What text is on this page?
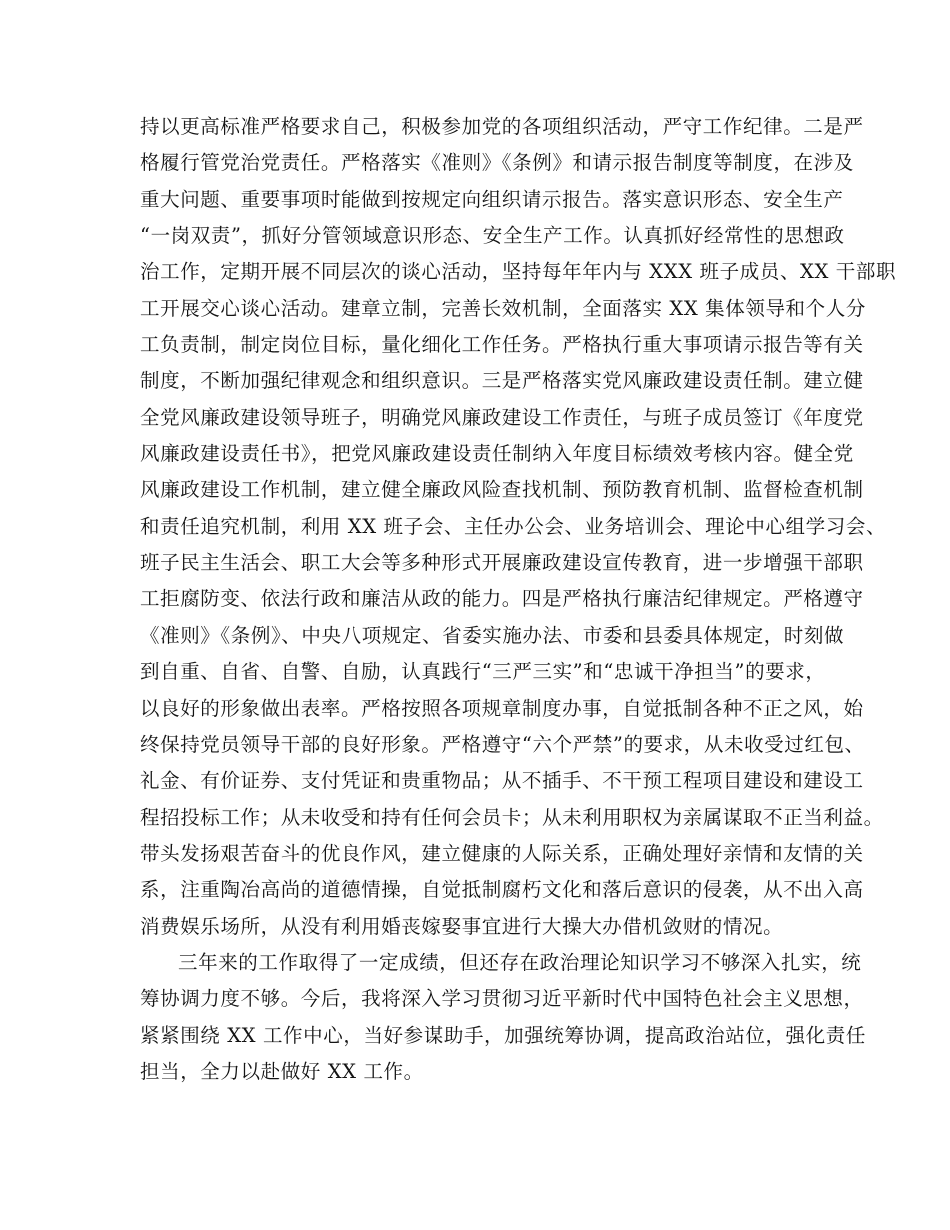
持以更高标准严格要求自己，积极参加党的各项组织活动，严守工作纪律。二是严
格履行管党治党责任。严格落实《准则》《条例》和请示报告制度等制度，在涉及
重大问题、重要事项时能做到按规定向组织请示报告。落实意识形态、安全生产
“一岗双责”，抓好分管领域意识形态、安全生产工作。认真抓好经常性的思想政
治工作，定期开展不同层次的谈心活动，坚持每年年内与 XXX 班子成员、XX 干部职
工开展交心谈心活动。建章立制，完善长效机制，全面落实 XX 集体领导和个人分
工负责制，制定岗位目标，量化细化工作任务。严格执行重大事项请示报告等有关
制度，不断加强纪律观念和组织意识。三是严格落实党风廉政建设责任制。建立健
全党风廉政建设领导班子，明确党风廉政建设工作责任，与班子成员签订《年度党
风廉政建设责任书》，把党风廉政建设责任制纳入年度目标绩效考核内容。健全党
风廉政建设工作机制，建立健全廉政风险查找机制、预防教育机制、监督检查机制
和责任追究机制，利用 XX 班子会、主任办公会、业务培训会、理论中心组学习会、
班子民主生活会、职工大会等多种形式开展廉政建设宣传教育，进一步增强干部职
工拒腐防变、依法行政和廉洁从政的能力。四是严格执行廉洁纪律规定。严格遵守
《准则》《条例》、中央八项规定、省委实施办法、市委和县委具体规定，时刻做
到自重、自省、自警、自励，认真践行“三严三实”和“忠诚干净担当”的要求，
以良好的形象做出表率。严格按照各项规章制度办事，自觉抵制各种不正之风，始
终保持党员领导干部的良好形象。严格遵守“六个严禁”的要求，从未收受过红包、
礼金、有价证券、支付凭证和贵重物品；从不插手、不干预工程项目建设和建设工
程招投标工作；从未收受和持有任何会员卡；从未利用职权为亲属谋取不正当利益。
带头发扬艰苦奋斗的优良作风，建立健康的人际关系，正确处理好亲情和友情的关
系，注重陶冶高尚的道德情操，自觉抵制腐朽文化和落后意识的侵袭，从不出入高
消费娱乐场所，从没有利用婚丧嫁娶事宜进行大操大办借机敛财的情况。
三年来的工作取得了一定成绩，但还存在政治理论知识学习不够深入扎实，统
筹协调力度不够。今后，我将深入学习贯彻习近平新时代中国特色社会主义思想，
紧紧围绕 XX 工作中心，当好参谋助手，加强统筹协调，提高政治站位，强化责任
担当，全力以赴做好 XX 工作。
